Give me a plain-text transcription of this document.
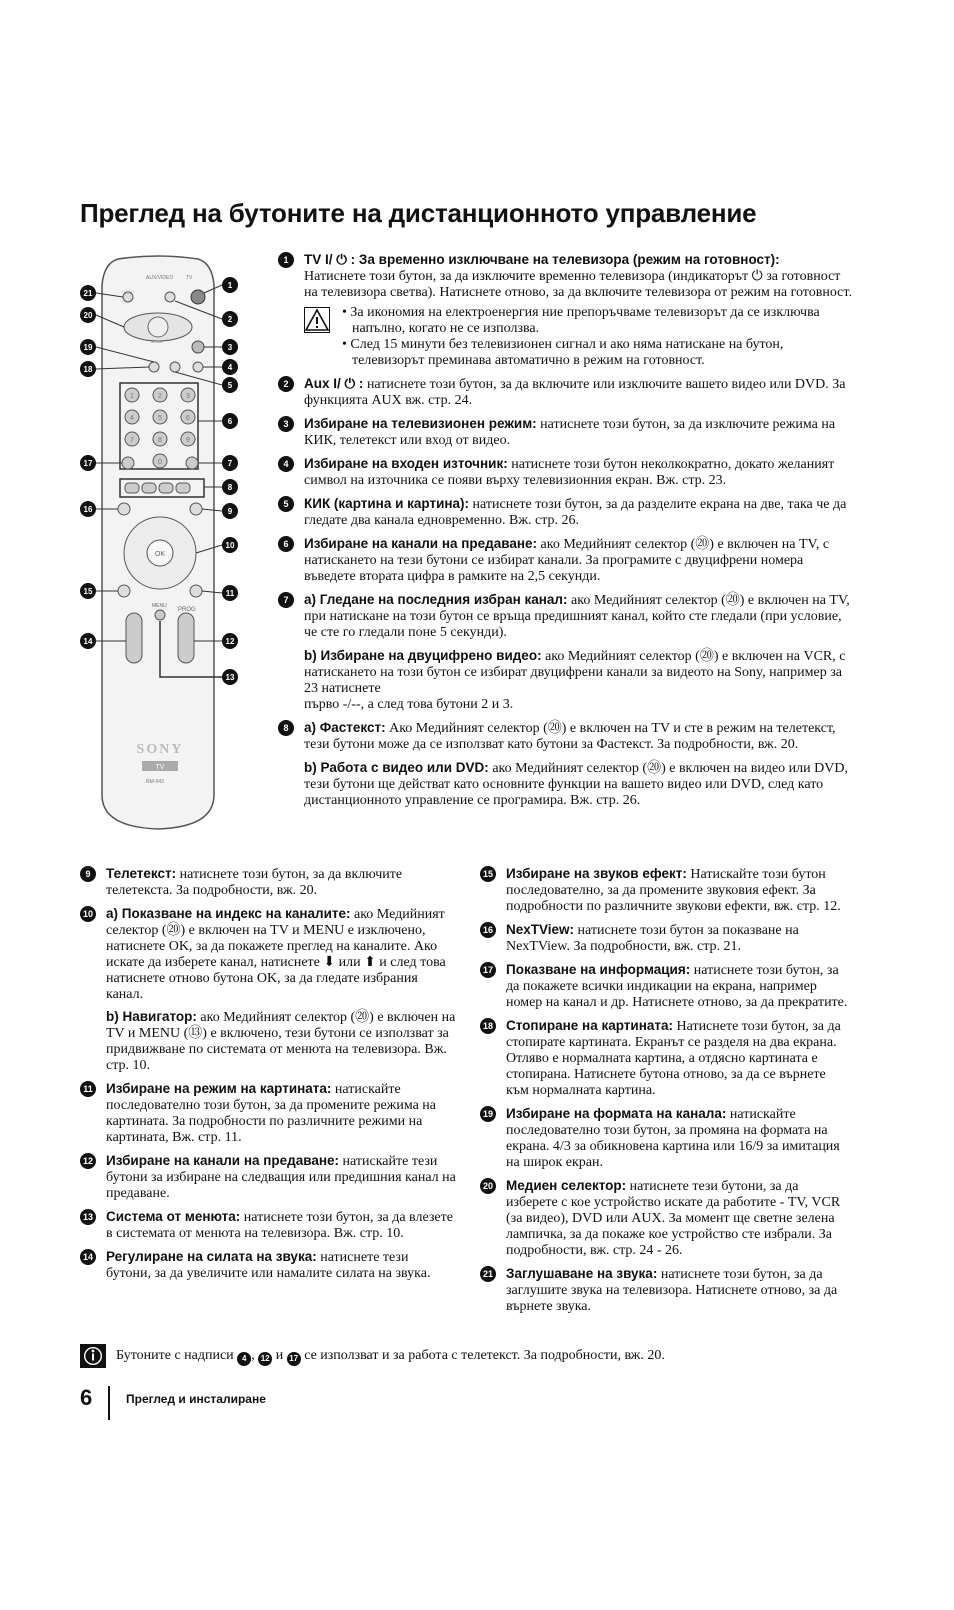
Преглед на бутоните на дистанционното управление
AUX/VIDEO	TV
MODE
1	2	3
4	5	6
7	8	9
0
OK
MENU
PROG
SONY
TV
RM-943
1
2
3
4
5
6
7
8
9
10
11
12
13
14
15
16
17
18
19
20
21
1	TV I/ ⏻ : За временно изключване на телевизора (режим на готовност):
Натиснете този бутон, за да изключите временно телевизора (индикаторът ⏻ за готовност на телевизора светва). Натиснете отново, за да включите телевизора от режим на готовност.
• За икономия на електроенергия ние препоръчваме телевизорът да се изключва напълно, когато не се използва.
• След 15 минути без телевизионен сигнал и ако няма натискане на бутон, телевизорът преминава автоматично в режим на готовност.
2	Aux I/ ⏻ : натиснете този бутон, за да включите или изключите вашето видео или DVD. За функцията AUX вж. стр. 24.
3	Избиране на телевизионен режим: натиснете този бутон, за да изключите режима на КИК, телетекст или вход от видео.
4	Избиране на входен източник: натиснете този бутон неколкократно, докато желаният символ на източника се появи върху телевизионния екран. Вж. стр. 23.
5	КИК (картина и картина): натиснете този бутон, за да разделите екрана на две, така че да гледате два канала едновременно. Вж. стр. 26.
6	Избиране на канали на предаване: ако Медийният селектор (⑳) е включен на TV, с натискането на тези бутони се избират канали. За програмите с двуцифрени номера въведете втората цифра в рамките на 2,5 секунди.
7	a) Гледане на последния избран канал: ако Медийният селектор (⑳) е включен на TV, при натискане на този бутон се връща предишният канал, който сте гледали (при условие, че сте го гледали поне 5 секунди).
b) Избиране на двуцифрено видео: ако Медийният селектор (⑳) е включен на VCR, с натискането на този бутон се избират двуцифрени канали за видеото на Sony, например за 23 натиснете
първо -/--, а след това бутони 2 и 3.
8	a) Фастекст: Ако Медийният селектор (⑳) е включен на TV и сте в режим на телетекст, тези бутони може да се използват като бутони за Фастекст. За подробности, вж. 20.
b) Работа с видео или DVD: ако Медийният селектор (⑳) е включен на видео или DVD, тези бутони ще действат като основните функции на вашето видео или DVD, след като дистанционното управление се програмира. Вж. стр. 26.
9	Телетекст: натиснете този бутон, за да включите телетекста. За подробности, вж. 20.
10 a) Показване на индекс на каналите: ако Медийният селектор (⑳) е включен на TV и MENU е изключено, натиснете OK, за да покажете преглед на каналите. Ако искате да изберете канал, натиснете ⬇ или ⬆ и след това натиснете отново бутона OK, за да гледате избрания канал.
b) Навигатор: ако Медийният селектор (⑳) е включен на TV и MENU (⑬) е включено, тези бутони се използват за придвижване по системата от менюта на телевизора. Вж. стр. 10.
11 Избиране на режим на картината: натискайте последователно този бутон, за да промените режима на картината. За подробности по различните режими на картината, Вж. стр. 11.
12 Избиране на канали на предаване: натискайте тези бутони за избиране на следващия или предишния канал на предаване.
13 Система от менюта: натиснете този бутон, за да влезете в системата от менюта на телевизора. Вж. стр. 10.
14 Регулиране на силата на звука: натиснете тези бутони, за да увеличите или намалите силата на звука.
15 Избиране на звуков ефект: Натискайте този бутон последователно, за да промените звуковия ефект. За подробности по различните звукови ефекти, вж. стр. 12.
16 NexTView: натиснете този бутон за показване на NexTView. За подробности, вж. стр. 21.
17 Показване на информация: натиснете този бутон, за да покажете всички индикации на екрана, например номер на канал и др. Натиснете отново, за да прекратите.
18 Стопиране на картината: Натиснете този бутон, за да стопирате картината. Екранът се разделя на два екрана. Отляво е нормалната картина, а отдясно картината е стопирана. Натиснете бутона отново, за да се върнете към нормалната картина.
19 Избиране на формата на канала: натискайте последователно този бутон, за промяна на формата на екрана. 4/3 за обикновена картина или 16/9 за имитация на широк екран.
20 Медиен селектор: натиснете тези бутони, за да изберете с кое устройство искате да работите - TV, VCR (за видео), DVD или AUX. За момент ще светне зелена лампичка, за да покаже кое устройство сте избрали. За подробности, вж. стр. 24 - 26.
21 Заглушаване на звука: натиснете този бутон, за да заглушите звука на телевизора. Натиснете отново, за да върнете звука.
Бутоните с надписи 4 , 12 и 17 се използват и за работа с телетекст. За подробности, вж. 20.
6	Преглед и инсталиране
